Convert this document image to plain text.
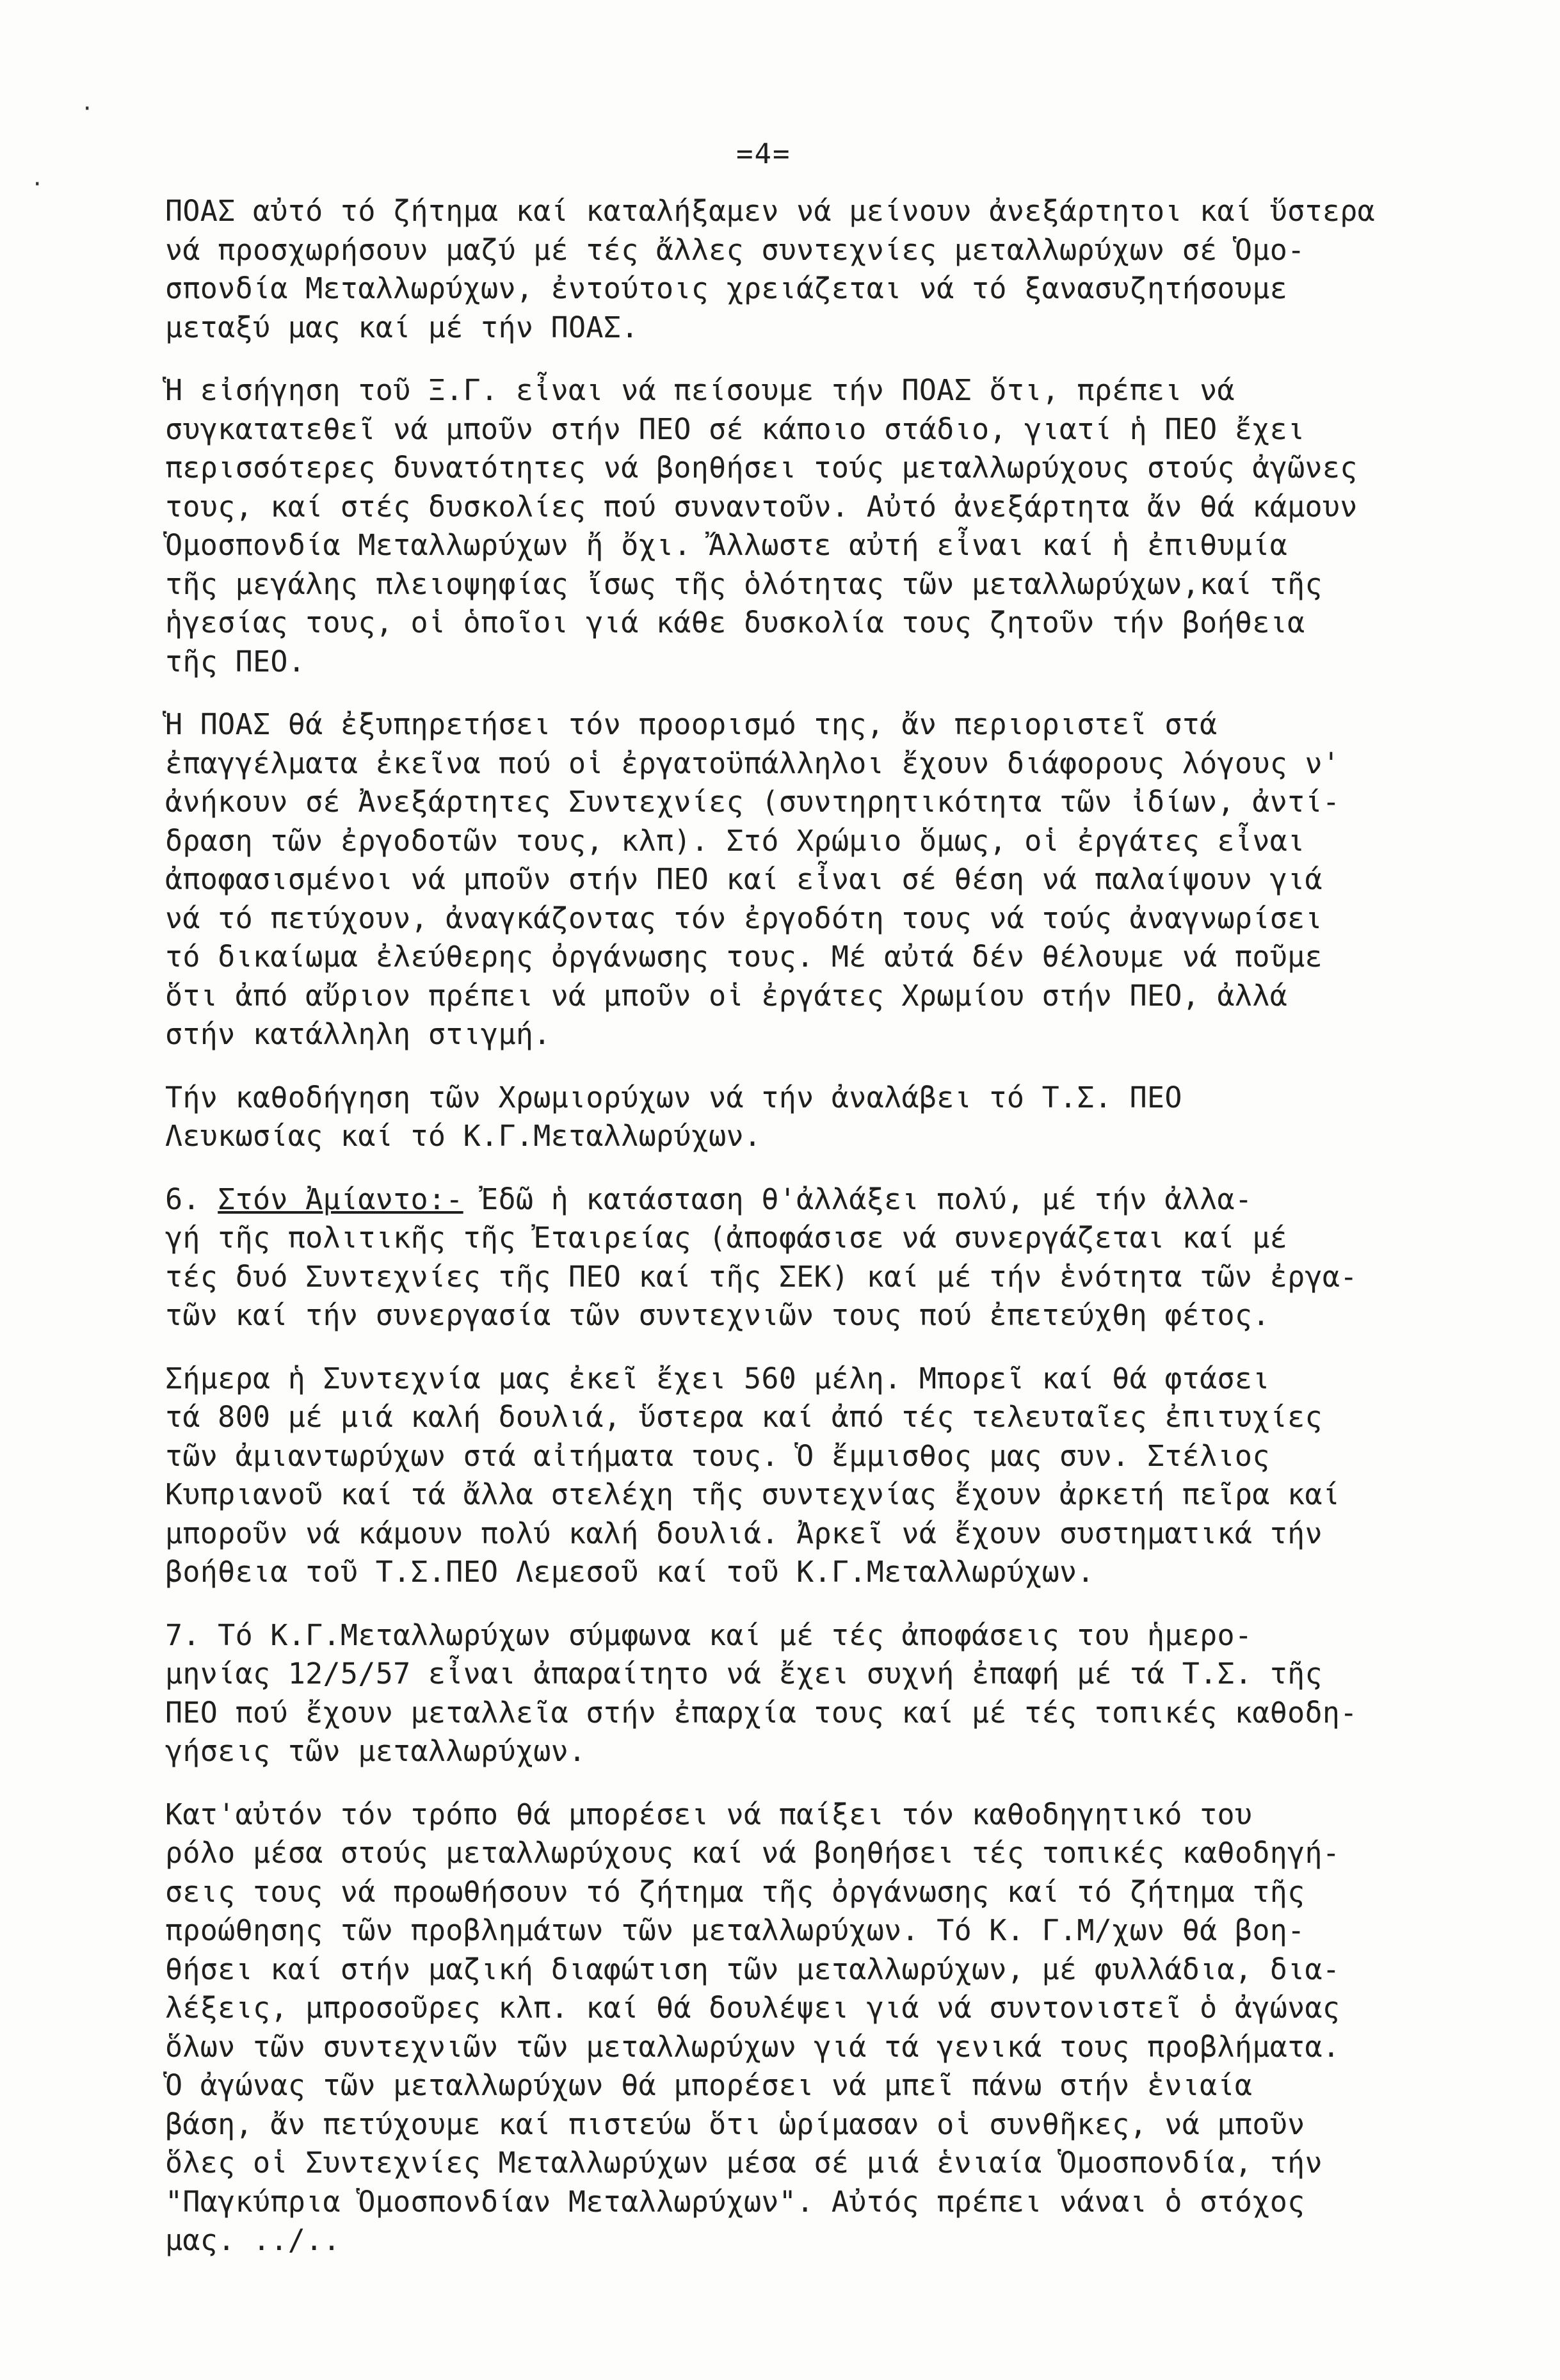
·
·
=4=

ΠΟΑΣ αὐτό τό ζήτημα καί καταλήξαμεν νά μείνουν ἀνεξάρτητοι καί ὕστερα
νά προσχωρήσουν μαζύ μέ τές ἄλλες συντεχνίες μεταλλωρύχων σέ Ὁμο-
σπονδία Μεταλλωρύχων, ἐντούτοις χρειάζεται νά τό ξανασυζητήσουμε
μεταξύ μας καί μέ τήν ΠΟΑΣ.

Ἡ εἰσήγηση τοῦ Ξ.Γ. εἶναι νά πείσουμε τήν ΠΟΑΣ ὅτι, πρέπει νά
συγκατατεθεῖ νά μποῦν στήν ΠΕΟ σέ κάποιο στάδιο, γιατί ἡ ΠΕΟ ἔχει
περισσότερες δυνατότητες νά βοηθήσει τούς μεταλλωρύχους στούς ἀγῶνες
τους, καί στές δυσκολίες πού συναντοῦν. Αὐτό ἀνεξάρτητα ἄν θά κάμουν
Ὁμοσπονδία Μεταλλωρύχων ἤ ὄχι. Ἄλλωστε αὐτή εἶναι καί ἡ ἐπιθυμία
τῆς μεγάλης πλειοψηφίας ἴσως τῆς ὁλότητας τῶν μεταλλωρύχων,καί τῆς
ἡγεσίας τους, οἱ ὁποῖοι γιά κάθε δυσκολία τους ζητοῦν τήν βοήθεια
τῆς ΠΕΟ.

Ἡ ΠΟΑΣ θά ἐξυπηρετήσει τόν προορισμό της, ἄν περιοριστεῖ στά
ἐπαγγέλματα ἐκεῖνα πού οἱ ἐργατοϋπάλληλοι ἔχουν διάφορους λόγους ν'
ἀνήκουν σέ Ἀνεξάρτητες Συντεχνίες (συντηρητικότητα τῶν ἰδίων, ἀντί-
δραση τῶν ἐργοδοτῶν τους, κλπ). Στό Χρώμιο ὅμως, οἱ ἐργάτες εἶναι
ἀποφασισμένοι νά μποῦν στήν ΠΕΟ καί εἶναι σέ θέση νά παλαίψουν γιά
νά τό πετύχουν, ἀναγκάζοντας τόν ἐργοδότη τους νά τούς ἀναγνωρίσει
τό δικαίωμα ἐλεύθερης ὀργάνωσης τους. Μέ αὐτά δέν θέλουμε νά ποῦμε
ὅτι ἀπό αὔριον πρέπει νά μποῦν οἱ ἐργάτες Χρωμίου στήν ΠΕΟ, ἀλλά
στήν κατάλληλη στιγμή.

Τήν καθοδήγηση τῶν Χρωμιορύχων νά τήν ἀναλάβει τό Τ.Σ. ΠΕΟ
Λευκωσίας καί τό Κ.Γ.Μεταλλωρύχων.

6. Στόν Ἀμίαντο:- Ἐδῶ ἡ κατάσταση θ'ἀλλάξει πολύ, μέ τήν ἀλλα-
γή τῆς πολιτικῆς τῆς Ἐταιρείας (ἀποφάσισε νά συνεργάζεται καί μέ
τές δυό Συντεχνίες τῆς ΠΕΟ καί τῆς ΣΕΚ) καί μέ τήν ἑνότητα τῶν ἐργα-
τῶν καί τήν συνεργασία τῶν συντεχνιῶν τους πού ἐπετεύχθη φέτος.

Σήμερα ἡ Συντεχνία μας ἐκεῖ ἔχει 560 μέλη. Μπορεῖ καί θά φτάσει
τά 800 μέ μιά καλή δουλιά, ὕστερα καί ἀπό τές τελευταῖες ἐπιτυχίες
τῶν ἀμιαντωρύχων στά αἰτήματα τους. Ὁ ἔμμισθος μας συν. Στέλιος
Κυπριανοῦ καί τά ἄλλα στελέχη τῆς συντεχνίας ἔχουν ἀρκετή πεῖρα καί
μποροῦν νά κάμουν πολύ καλή δουλιά. Ἀρκεῖ νά ἔχουν συστηματικά τήν
βοήθεια τοῦ Τ.Σ.ΠΕΟ Λεμεσοῦ καί τοῦ Κ.Γ.Μεταλλωρύχων.

7. Τό Κ.Γ.Μεταλλωρύχων σύμφωνα καί μέ τές ἀποφάσεις του ἡμερο-
μηνίας 12/5/57 εἶναι ἀπαραίτητο νά ἔχει συχνή ἐπαφή μέ τά Τ.Σ. τῆς
ΠΕΟ πού ἔχουν μεταλλεῖα στήν ἐπαρχία τους καί μέ τές τοπικές καθοδη-
γήσεις τῶν μεταλλωρύχων.

Κατ'αὐτόν τόν τρόπο θά μπορέσει νά παίξει τόν καθοδηγητικό του
ρόλο μέσα στούς μεταλλωρύχους καί νά βοηθήσει τές τοπικές καθοδηγή-
σεις τους νά προωθήσουν τό ζήτημα τῆς ὀργάνωσης καί τό ζήτημα τῆς
προώθησης τῶν προβλημάτων τῶν μεταλλωρύχων. Τό Κ. Γ.Μ/χων θά βοη-
θήσει καί στήν μαζική διαφώτιση τῶν μεταλλωρύχων, μέ φυλλάδια, δια-
λέξεις, μπροσοῦρες κλπ. καί θά δουλέψει γιά νά συντονιστεῖ ὁ ἀγώνας
ὅλων τῶν συντεχνιῶν τῶν μεταλλωρύχων γιά τά γενικά τους προβλήματα.
Ὁ ἀγώνας τῶν μεταλλωρύχων θά μπορέσει νά μπεῖ πάνω στήν ἑνιαία
βάση, ἄν πετύχουμε καί πιστεύω ὅτι ὡρίμασαν οἱ συνθῆκες, νά μποῦν
ὅλες οἱ Συντεχνίες Μεταλλωρύχων μέσα σέ μιά ἑνιαία Ὁμοσπονδία, τήν
"Παγκύπρια Ὁμοσπονδίαν Μεταλλωρύχων". Αὐτός πρέπει νάναι ὁ στόχος
μας. ../..
